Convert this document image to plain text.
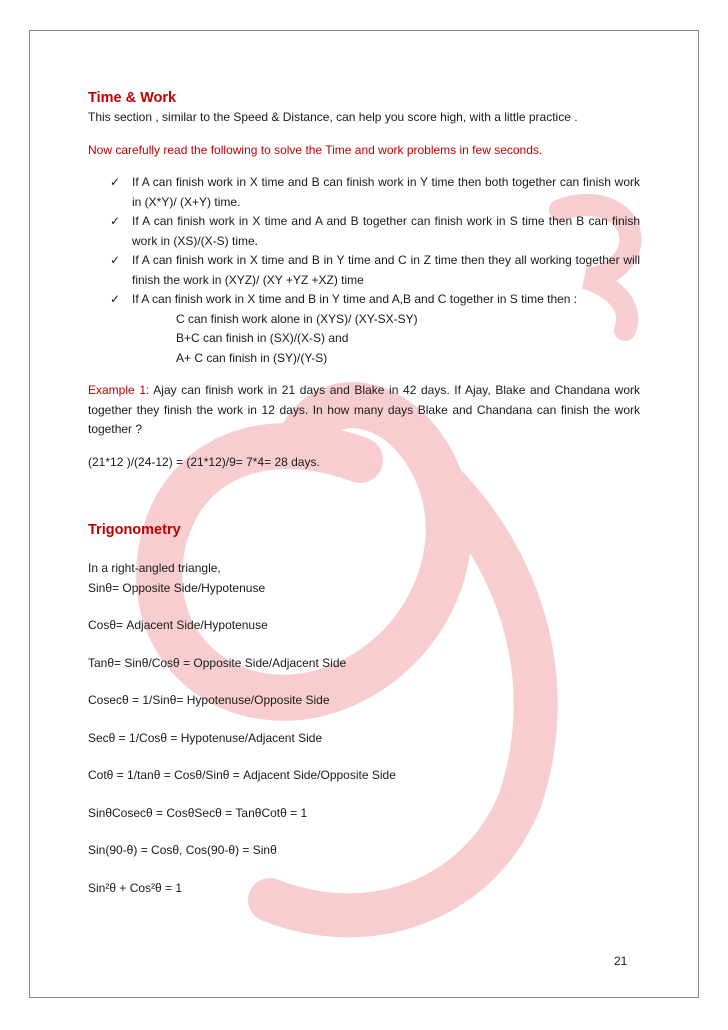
Time & Work

This section , similar to the Speed & Distance, can help you score high, with a little practice .

Now carefully read the following to solve the Time and work problems in few seconds.

✓ If A can finish work in X time and B can finish work in Y time then both together can finish work in (X*Y)/ (X+Y) time.
✓ If A can finish work in X time and A and B together can finish work in S time then B can finish work in (XS)/(X-S) time.
✓ If A can finish work in X time and B in Y time and C in Z time then they all working together will finish the work in (XYZ)/ (XY +YZ +XZ) time
✓ If A can finish work in X time and B in Y time and A,B and C together in S time then :

C can finish work alone in (XYS)/ (XY-SX-SY)

B+C can finish in (SX)/(X-S) and

A+ C can finish in (SY)/(Y-S)

Example 1: Ajay can finish work in 21 days and Blake in 42 days. If Ajay, Blake and Chandana work together they finish the work in 12 days. In how many days Blake and Chandana can finish the work together ?

(21*12 )/(24-12) = (21*12)/9= 7*4= 28 days.

Trigonometry

In a right-angled triangle,

Sinθ= Opposite Side/Hypotenuse

Cosθ= Adjacent Side/Hypotenuse

Tanθ= Sinθ/Cosθ = Opposite Side/Adjacent Side

Cosecθ = 1/Sinθ= Hypotenuse/Opposite Side

Secθ = 1/Cosθ = Hypotenuse/Adjacent Side

Cotθ = 1/tanθ = Cosθ/Sinθ = Adjacent Side/Opposite Side

SinθCosecθ = CosθSecθ = TanθCotθ = 1

Sin(90-θ) = Cosθ, Cos(90-θ) = Sinθ

Sin²θ + Cos²θ = 1

21
